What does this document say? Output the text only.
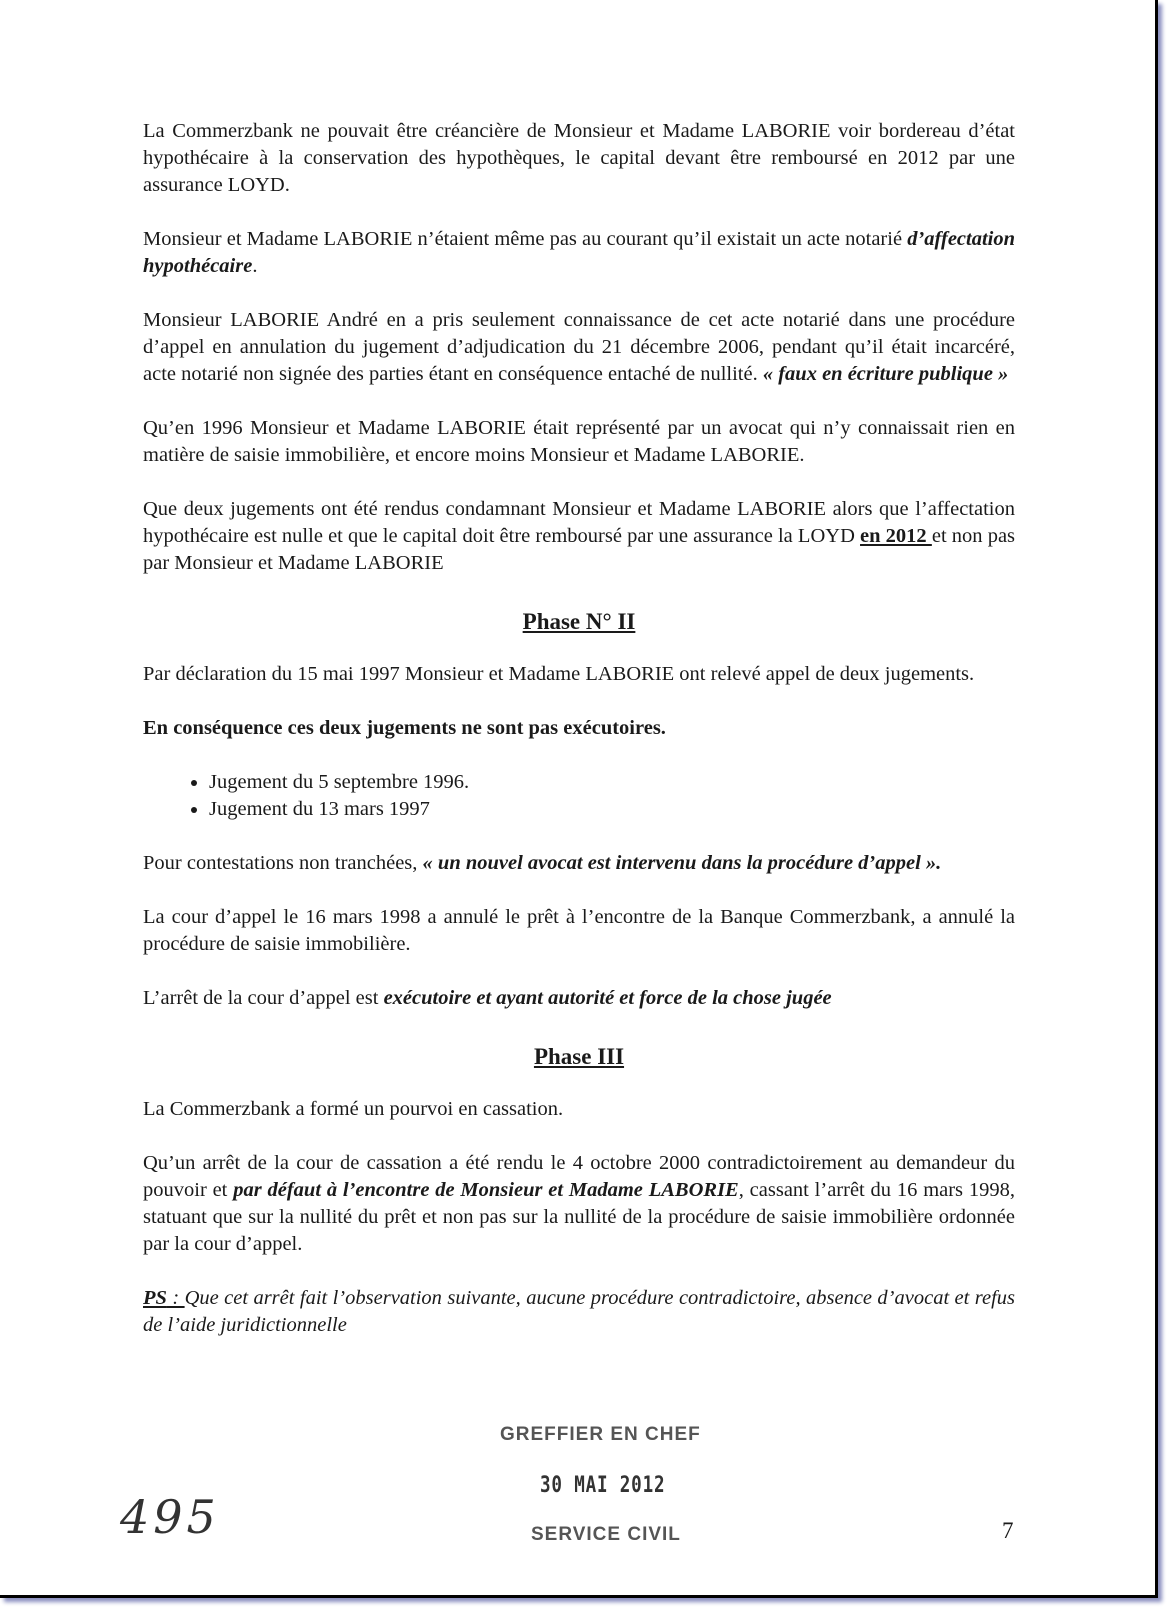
La Commerzbank ne pouvait être créancière de Monsieur et Madame LABORIE voir bordereau d’état hypothécaire à la conservation des hypothèques, le capital devant être remboursé en 2012 par une assurance LOYD.

Monsieur et Madame LABORIE n’étaient même pas au courant qu’il existait un acte notarié d’affectation hypothécaire.

Monsieur LABORIE André en a pris seulement connaissance de cet acte notarié dans une procédure d’appel en annulation du jugement d’adjudication du 21 décembre 2006, pendant qu’il était incarcéré, acte notarié non signée des parties étant en conséquence entaché de nullité. « faux en écriture publique »

Qu’en 1996 Monsieur et Madame LABORIE était représenté par un avocat qui n’y connaissait rien en matière de saisie immobilière, et encore moins Monsieur et Madame LABORIE.

Que deux jugements ont été rendus condamnant Monsieur et Madame LABORIE alors que l’affectation hypothécaire est nulle et que le capital doit être remboursé par une assurance la LOYD en 2012 et non pas par Monsieur et Madame LABORIE

Phase N° II

Par déclaration du 15 mai 1997 Monsieur et Madame LABORIE ont relevé appel de deux jugements.

En conséquence ces deux jugements ne sont pas exécutoires.

• Jugement du 5 septembre 1996.
• Jugement du 13 mars 1997

Pour contestations non tranchées, « un nouvel avocat est intervenu dans la procédure d’appel ».

La cour d’appel le 16 mars 1998 a annulé le prêt à l’encontre de la Banque Commerzbank, a annulé la procédure de saisie immobilière.

L’arrêt de la cour d’appel est exécutoire et ayant autorité et force de la chose jugée

Phase III

La Commerzbank a formé un pourvoi en cassation.

Qu’un arrêt de la cour de cassation a été rendu le 4 octobre 2000 contradictoirement au demandeur du pouvoir et par défaut à l’encontre de Monsieur et Madame LABORIE, cassant l’arrêt du 16 mars 1998, statuant que sur la nullité du prêt et non pas sur la nullité de la procédure de saisie immobilière ordonnée par la cour d’appel.

PS : Que cet arrêt fait l’observation suivante, aucune procédure contradictoire, absence d’avocat et refus de l’aide juridictionnelle

GREFFIER EN CHEF
30 MAI 2012
SERVICE CIVIL
495	7
